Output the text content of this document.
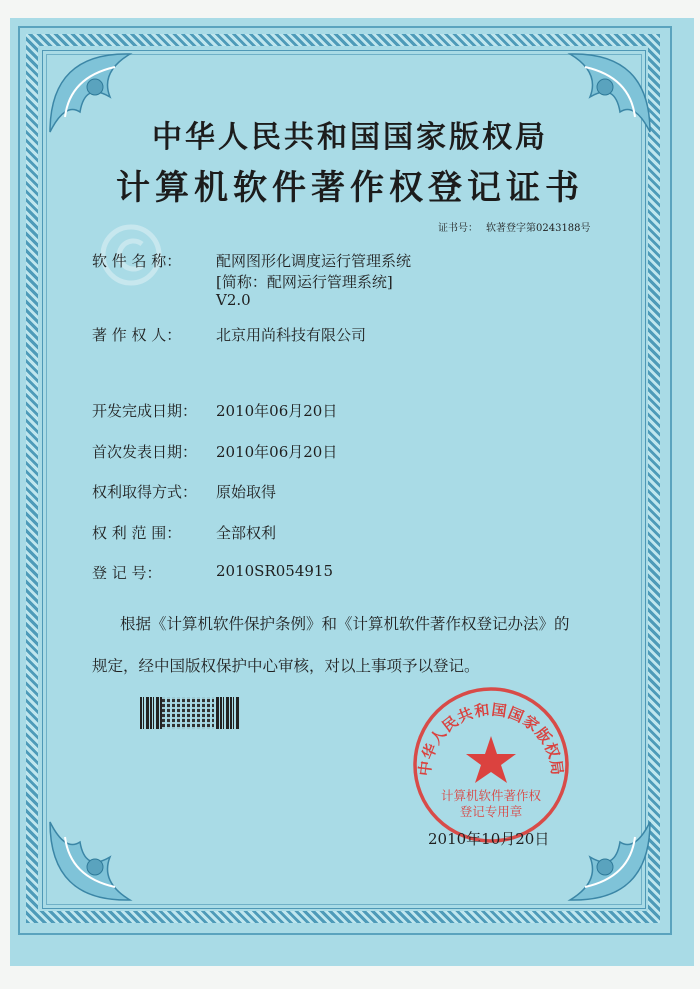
中华人民共和国国家版权局
计算机软件著作权登记证书
证书号： 软著登字第0243188号
软 件 名 称： 配网图形化调度运行管理系统
[简称：配网运行管理系统]
V2.0
著 作 权 人： 北京用尚科技有限公司
开发完成日期： 2010年06月20日
首次发表日期： 2010年06月20日
权利取得方式： 原始取得
权 利 范 围： 全部权利
登 记 号：	2010SR054915
根据《计算机软件保护条例》和《计算机软件著作权登记办法》的
规定，经中国版权保护中心审核，对以上事项予以登记。
中华人民共和国国家版权局
计算机软件著作权
登记专用章
2010年10月20日
